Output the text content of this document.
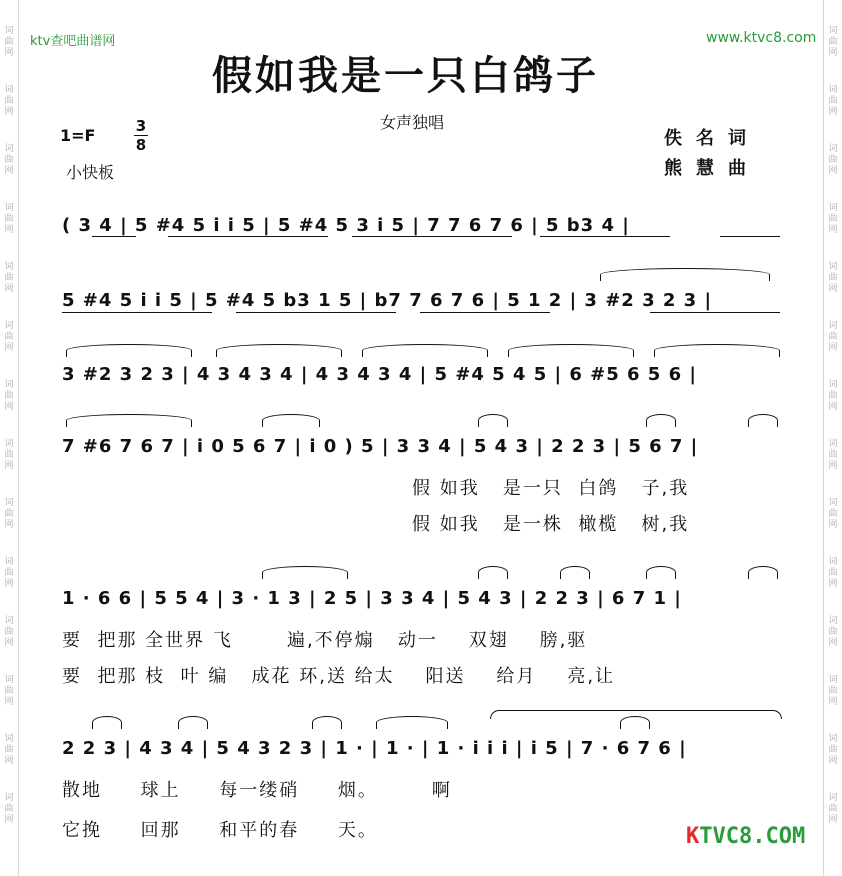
词曲网
词曲网
词曲网
词曲网
词曲网
词曲网
词曲网
词曲网
词曲网
词曲网
词曲网
词曲网
词曲网
词曲网
词曲网
词曲网
词曲网
词曲网
词曲网
词曲网
词曲网
词曲网
词曲网
词曲网
词曲网
词曲网
词曲网
词曲网
ktv查吧曲谱网	www.ktvc8.com
假如我是一只白鸽子
女声独唱
1=F	3
8
小快板
佚名词
熊慧曲
( 3 4 | 5 #4 5 i i 5 | 5 #4 5 3 i 5 | 7 7 6 7 6 | 5 b3 4 |
5 #4 5 i i 5 | 5 #4 5 b3 1 5 | b7 7 6 7 6 | 5 1 2 | 3 #2 3 2 3 |
3 #2 3 2 3 | 4 3 4 3 4 | 4 3 4 3 4 | 5 #4 5 4 5 | 6 #5 6 5 6 |
7 #6 7 6 7 | i 0 5 6 7 | i 0 ) 5 | 3 3 4 | 5 4 3 | 2 2 3 | 5 6 7 |
假 如我   是一只  白鸽   子,我
假 如我   是一株  橄榄   树,我
1 · 6 6 | 5 5 4 | 3 · 1 3 | 2 5 | 3 3 4 | 5 4 3 | 2 2 3 | 6 7 1 |
要  把那 全世界 飞       遍,不停煽   动一    双翅    膀,驱
要  把那 枝  叶 编   成花 环,送 给太    阳送    给月    亮,让
2 2 3 | 4 3 4 | 5 4 3 2 3 | 1 · | 1 · | 1 · i i i | i 5 | 7 · 6 7 6 |
散地     球上     每一缕硝     烟。       啊
它挽     回那     和平的春     天。	KTVC8.COM
